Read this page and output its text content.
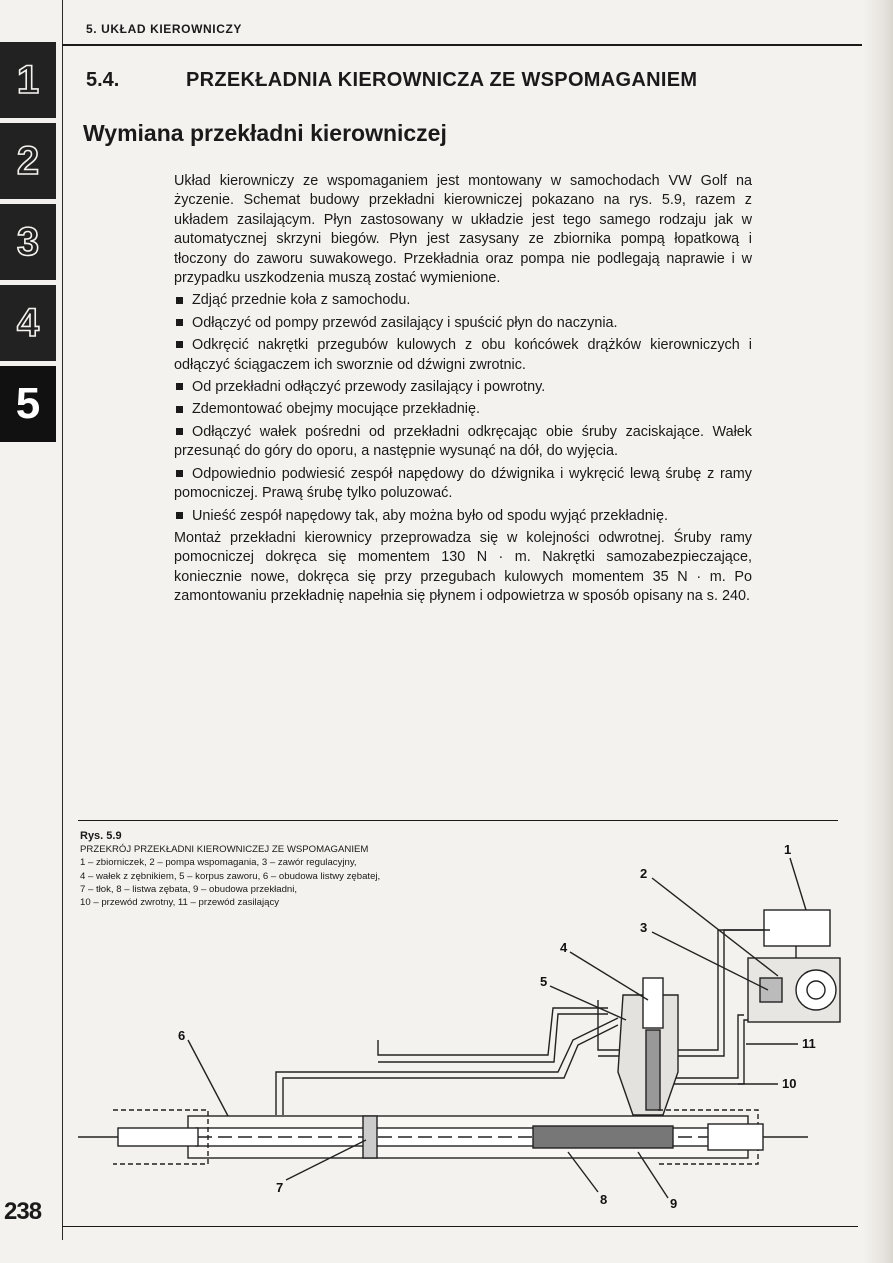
5. UKŁAD KIEROWNICZY
1
2
3
4
5
5.4.	PRZEKŁADNIA KIEROWNICZA ZE WSPOMAGANIEM
Wymiana przekładni kierowniczej

Układ kierowniczy ze wspomaganiem jest montowany w samochodach VW Golf na życzenie. Schemat budowy przekładni kierowniczej pokazano na rys. 5.9, razem z układem zasilającym. Płyn zastosowany w układzie jest tego samego rodzaju jak w automatycznej skrzyni biegów. Płyn jest zasysany ze zbiornika pompą łopatkową i tłoczony do zaworu suwakowego. Przekładnia oraz pompa nie podlegają naprawie i w przypadku uszkodzenia muszą zostać wymienione.

Zdjąć przednie koła z samochodu.

Odłączyć od pompy przewód zasilający i spuścić płyn do naczynia.

Odkręcić nakrętki przegubów kulowych z obu końcówek drążków kierowniczych i odłączyć ściągaczem ich sworznie od dźwigni zwrotnic.

Od przekładni odłączyć przewody zasilający i powrotny.

Zdemontować obejmy mocujące przekładnię.

Odłączyć wałek pośredni od przekładni odkręcając obie śruby zaciskające. Wałek przesunąć do góry do oporu, a następnie wysunąć na dół, do wyjęcia.

Odpowiednio podwiesić zespół napędowy do dźwignika i wykręcić lewą śrubę z ramy pomocniczej. Prawą śrubę tylko poluzować.

Unieść zespół napędowy tak, aby można było od spodu wyjąć przekładnię.

Montaż przekładni kierownicy przeprowadza się w kolejności odwrotnej. Śruby ramy pomocniczej dokręca się momentem 130 N · m. Nakrętki samozabezpieczające, koniecznie nowe, dokręca się przy przegubach kulowych momentem 35 N · m. Po zamontowaniu przekładnię napełnia się płynem i odpowietrza w sposób opisany na s. 240.

1
2
3
4
5
6
7
8	9
10
11
Rys. 5.9
PRZEKRÓJ PRZEKŁADNI KIEROWNICZEJ ZE WSPOMAGANIEM
1 – zbiorniczek, 2 – pompa wspomagania, 3 – zawór regulacyjny,
4 – wałek z zębnikiem, 5 – korpus zaworu, 6 – obudowa listwy zębatej,
7 – tłok, 8 – listwa zębata, 9 – obudowa przekładni,
10 – przewód zwrotny, 11 – przewód zasilający
238
